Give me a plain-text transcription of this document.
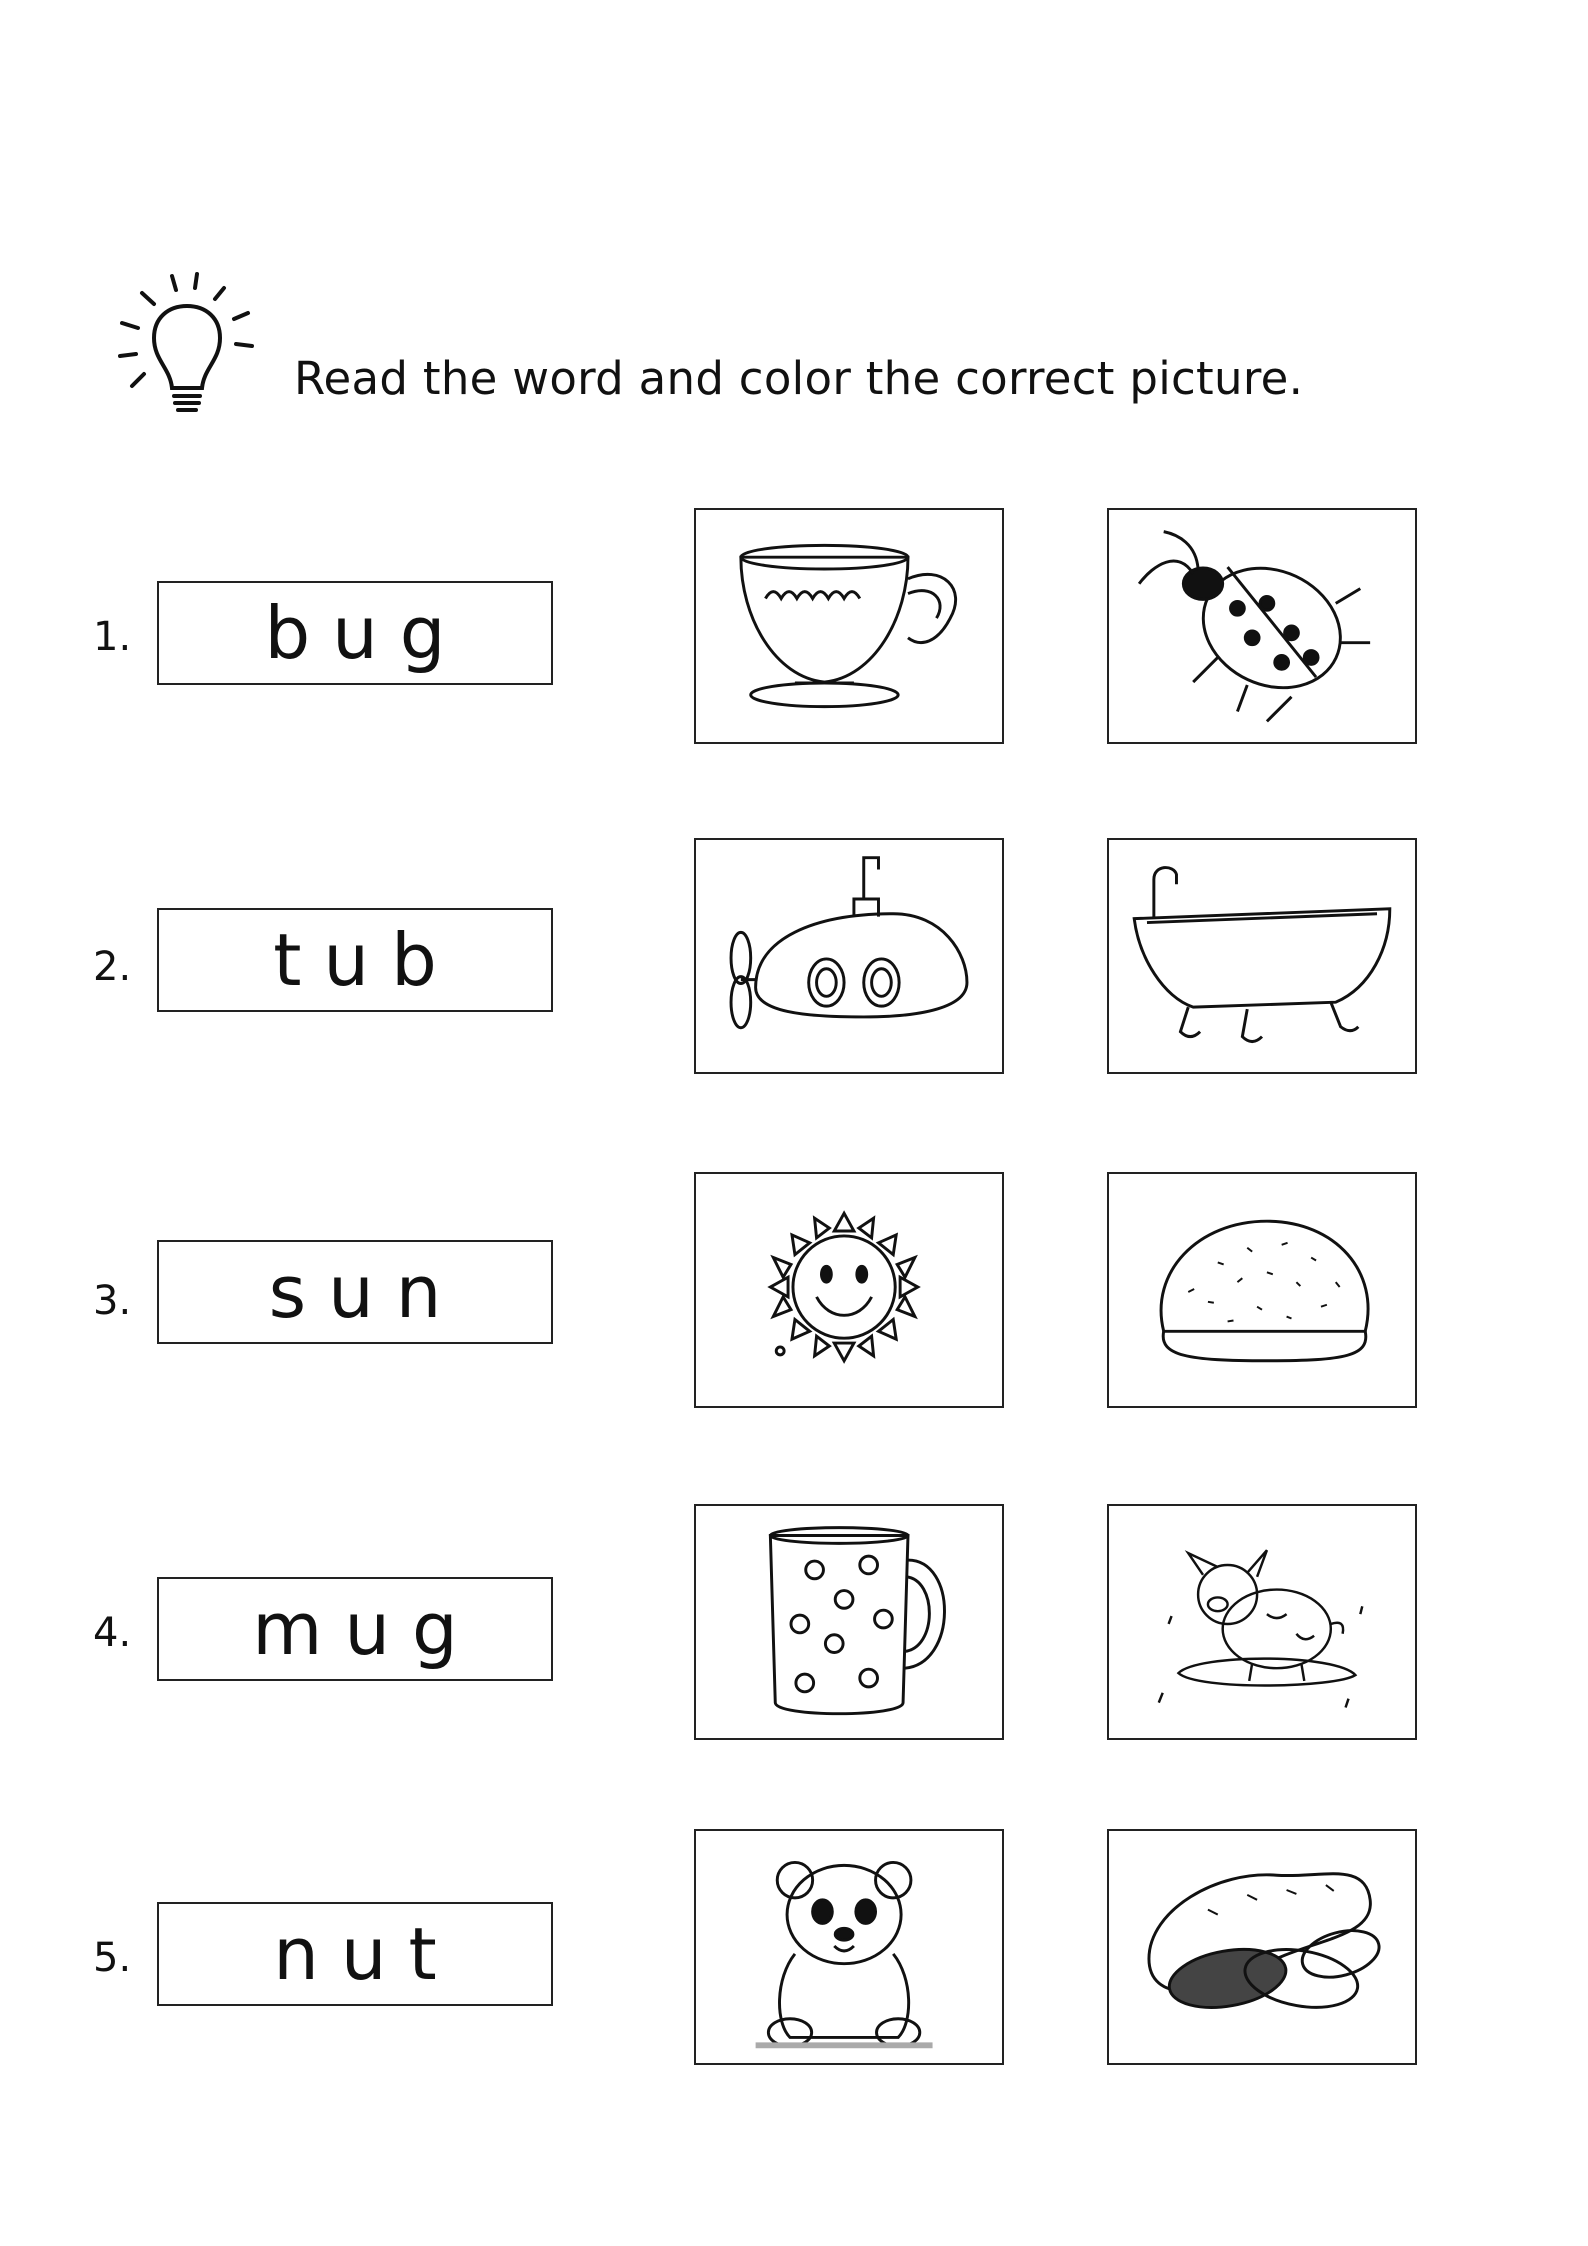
Read the word and color the correct picture.
1.	bug
2.	tub
3.	sun
4.	mug
5.	nut
